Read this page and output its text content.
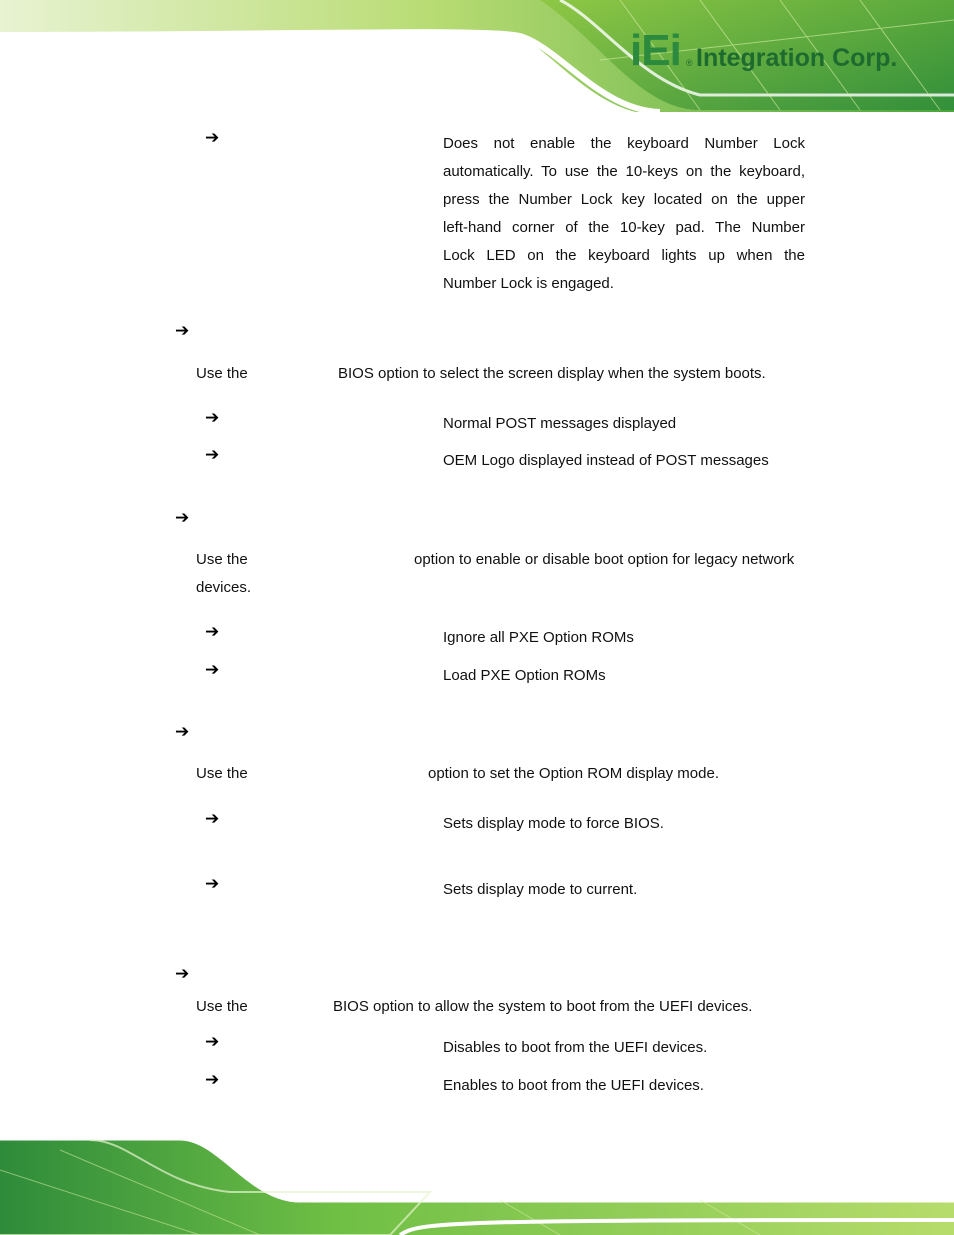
iEi ® Integration Corp.
➔	Does not enable the keyboard Number Lock
automatically. To use the 10-keys on the keyboard,
press the Number Lock key located on the upper
left-hand corner of the 10-key pad. The Number
Lock LED on the keyboard lights up when the
Number Lock is engaged.
➔
Use the	BIOS option to select the screen display when the system boots.
➔	Normal POST messages displayed
➔	OEM Logo displayed instead of POST messages
➔
Use the	option to enable or disable boot option for legacy network
devices.
➔	Ignore all PXE Option ROMs
➔	Load PXE Option ROMs
➔
Use the	option to set the Option ROM display mode.
➔	Sets display mode to force BIOS.
➔	Sets display mode to current.
➔
Use the	BIOS option to allow the system to boot from the UEFI devices.
➔	Disables to boot from the UEFI devices.
➔	Enables to boot from the UEFI devices.
